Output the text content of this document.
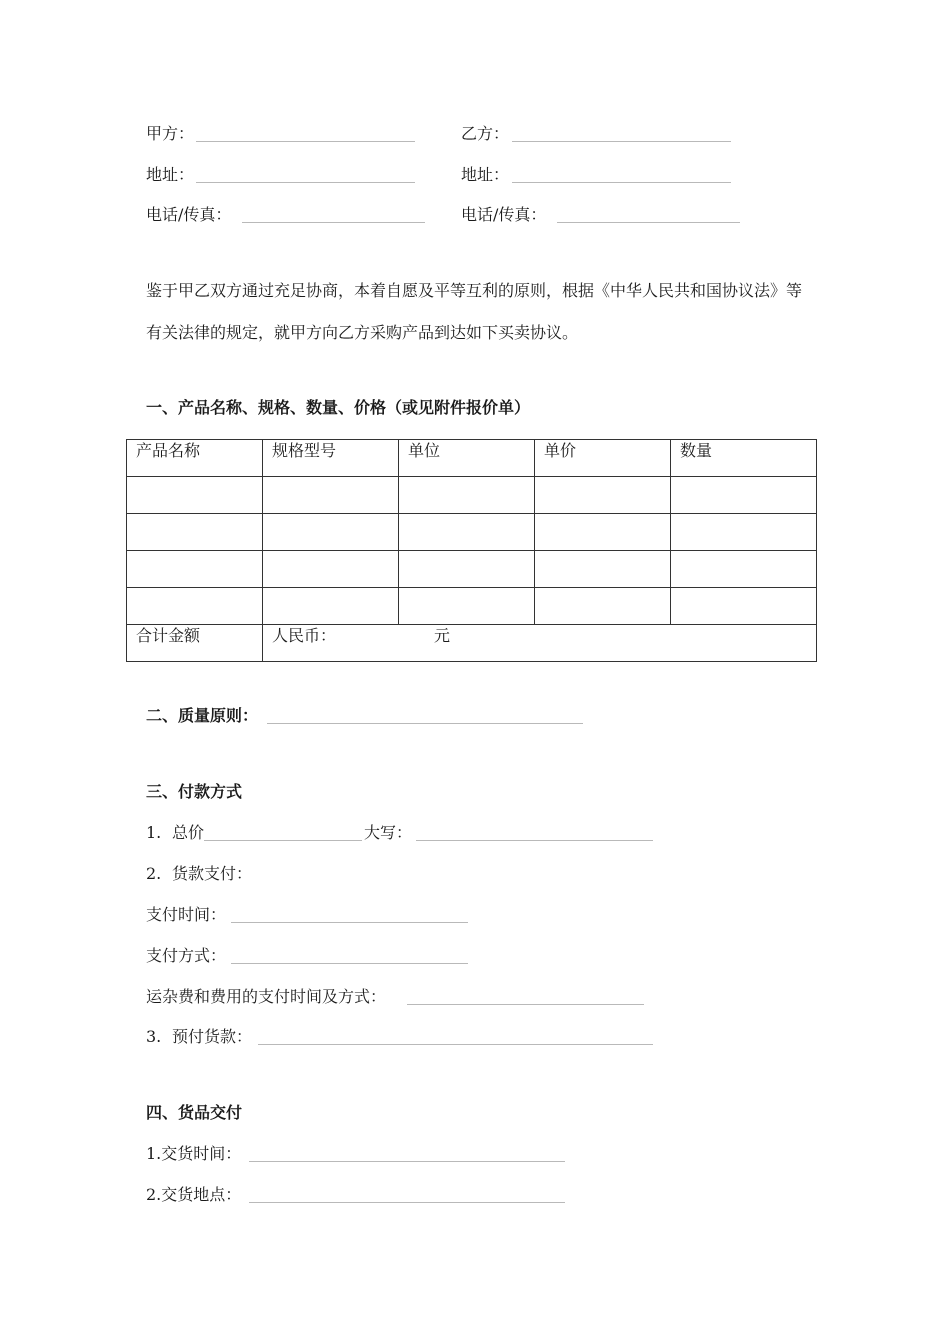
甲方：	乙方：
地址：	地址：
电话/传真：	电话/传真：
鉴于甲乙双方通过充足协商，本着自愿及平等互利的原则，根据《中华人民共和国协议法》等有关法律的规定，就甲方向乙方采购产品到达如下买卖协议。
一、产品名称、规格、数量、价格（或见附件报价单）
产品名称	规格型号	单位	单价	数量

合计金额	人民币： 元			
二、质量原则：
三、付款方式
1. 总价	大写：
2. 货款支付：
支付时间：
支付方式：
运杂费和费用的支付时间及方式：
3. 预付货款：
四、货品交付
1.交货时间：
2.交货地点：
